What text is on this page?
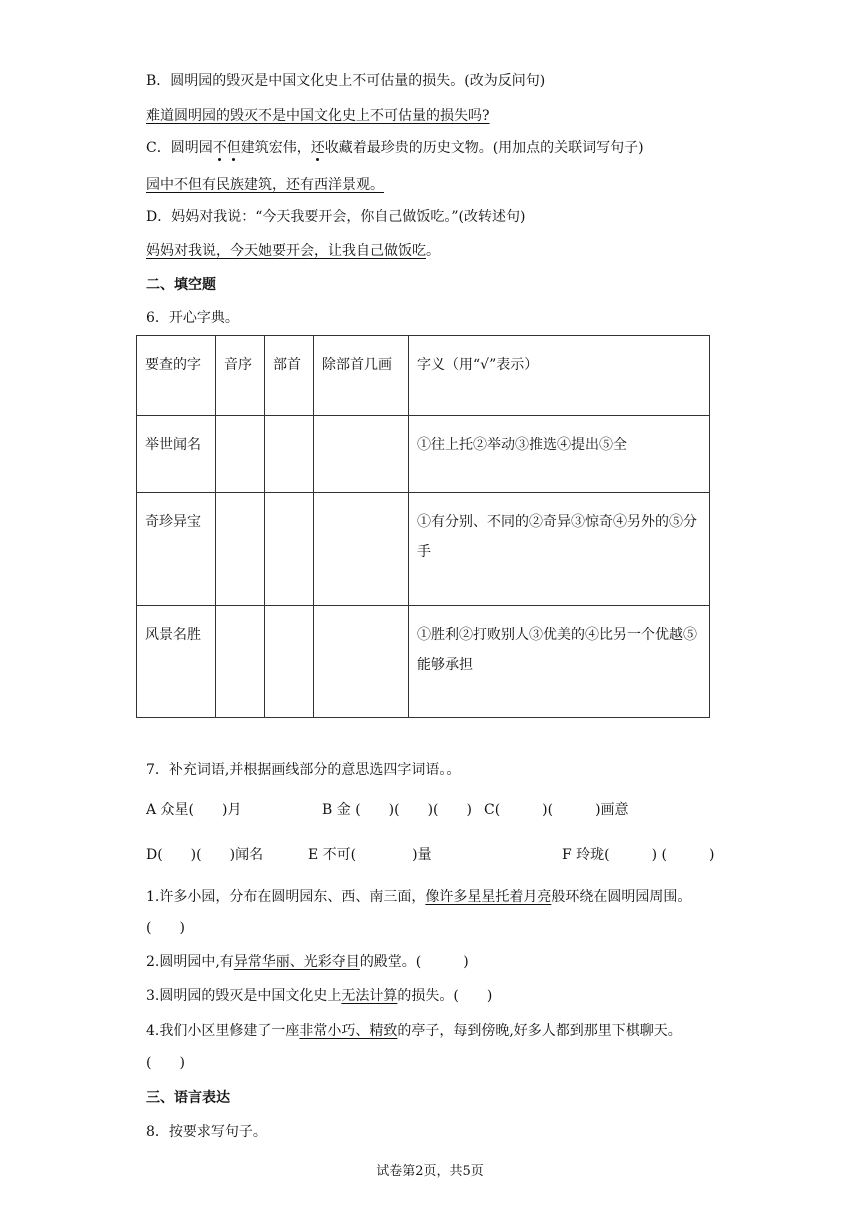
B．圆明园的毁灭是中国文化史上不可估量的损失。(改为反问句)
难道圆明园的毁灭不是中国文化史上不可估量的损失吗?
C．圆明园不但建筑宏伟，还收藏着最珍贵的历史文物。(用加点的关联词写句子)
园中不但有民族建筑，还有西洋景观。
D．妈妈对我说：“今天我要开会，你自己做饭吃。”(改转述句)
妈妈对我说，今天她要开会，让我自己做饭吃。
二、填空题
6．开心字典。
要查的字	音序	部首	除部首几画	字义（用“√”表示）
举世闻名				①往上托②举动③推选④提出⑤全
奇珍异宝				①有分别、不同的②奇异③惊奇④另外的⑤分手
风景名胜				①胜利②打败别人③优美的④比另一个优越⑤能够承担
7．补充词语,并根据画线部分的意思选四字词语。。
A 众星(　　)月	B 金 (　　)(　　)(　　) C(　　　)(　　　)画意
D(　　)(　　)闻名	E 不可(　　　　)量	F 玲珑(　　　) (　　　)
1.许多小园，分布在圆明园东、西、南三面，像许多星星托着月亮般环绕在圆明园周围。
(　　)
2.圆明园中,有异常华丽、光彩夺目的殿堂。(　　　)
3.圆明园的毁灭是中国文化史上无法计算的损失。(　　)
4.我们小区里修建了一座非常小巧、精致的亭子，每到傍晚,好多人都到那里下棋聊天。
(　　)
三、语言表达
8．按要求写句子。
试卷第2页，共5页
